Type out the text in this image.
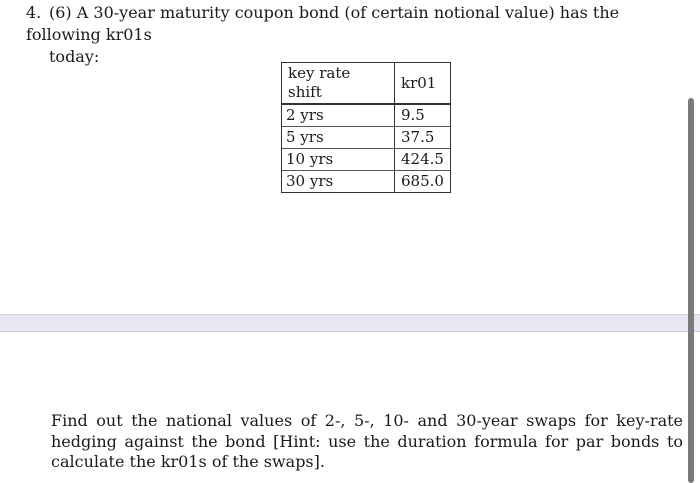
4. (6) A 30-year maturity coupon bond (of certain notional value) has the following kr01s
today:
key rate shift	kr01
2 yrs	9.5
5 yrs	37.5
10 yrs	424.5
30 yrs	685.0
Find out the national values of 2-, 5-, 10- and 30-year swaps for key-rate hedging against the bond [Hint: use the duration formula for par bonds to calculate the kr01s of the swaps].
